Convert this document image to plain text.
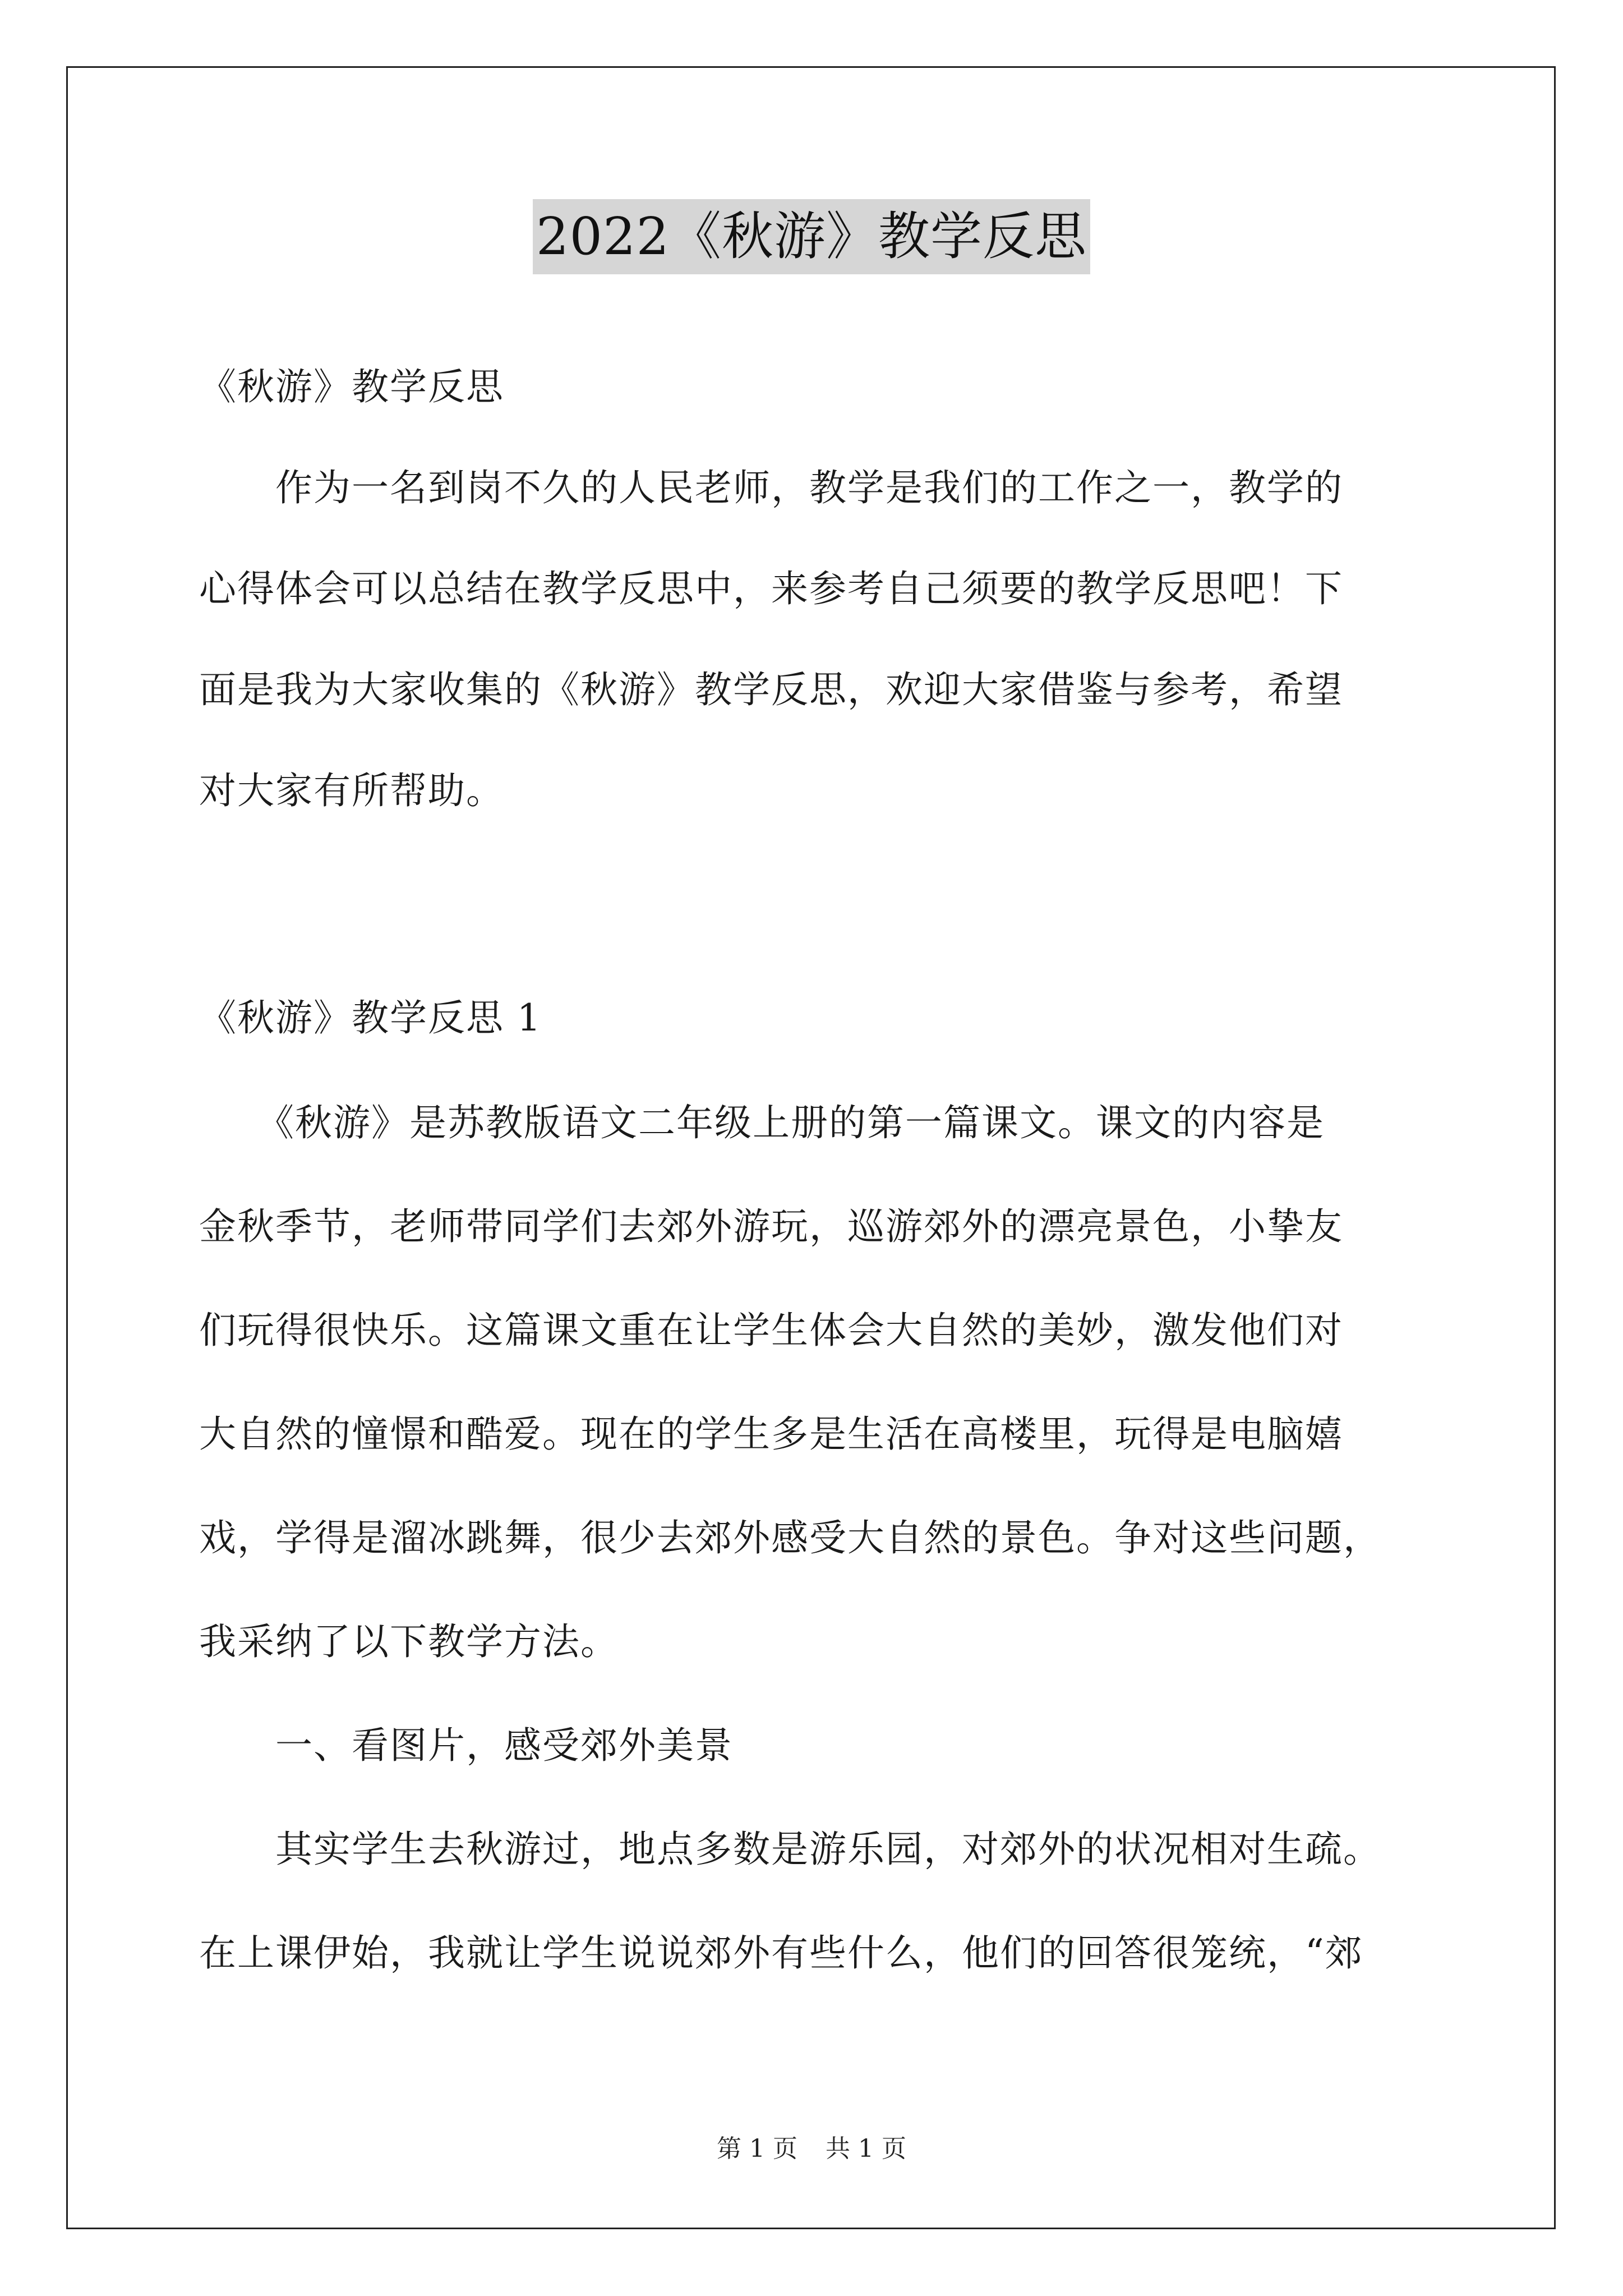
2022《秋游》教学反思
《秋游》教学反思
　　作为一名到岗不久的人民老师，教学是我们的工作之一，教学的
心得体会可以总结在教学反思中，来参考自己须要的教学反思吧！下
面是我为大家收集的《秋游》教学反思，欢迎大家借鉴与参考，希望
对大家有所帮助。
《秋游》教学反思 1
　　《秋游》是苏教版语文二年级上册的第一篇课文。课文的内容是
金秋季节，老师带同学们去郊外游玩，巡游郊外的漂亮景色，小挚友
们玩得很快乐。这篇课文重在让学生体会大自然的美妙，激发他们对
大自然的憧憬和酷爱。现在的学生多是生活在高楼里，玩得是电脑嬉
戏，学得是溜冰跳舞，很少去郊外感受大自然的景色。争对这些问题，
我采纳了以下教学方法。
　　一、看图片，感受郊外美景
　　其实学生去秋游过，地点多数是游乐园，对郊外的状况相对生疏。
在上课伊始，我就让学生说说郊外有些什么，他们的回答很笼统，“郊
第 1 页 共 1 页
